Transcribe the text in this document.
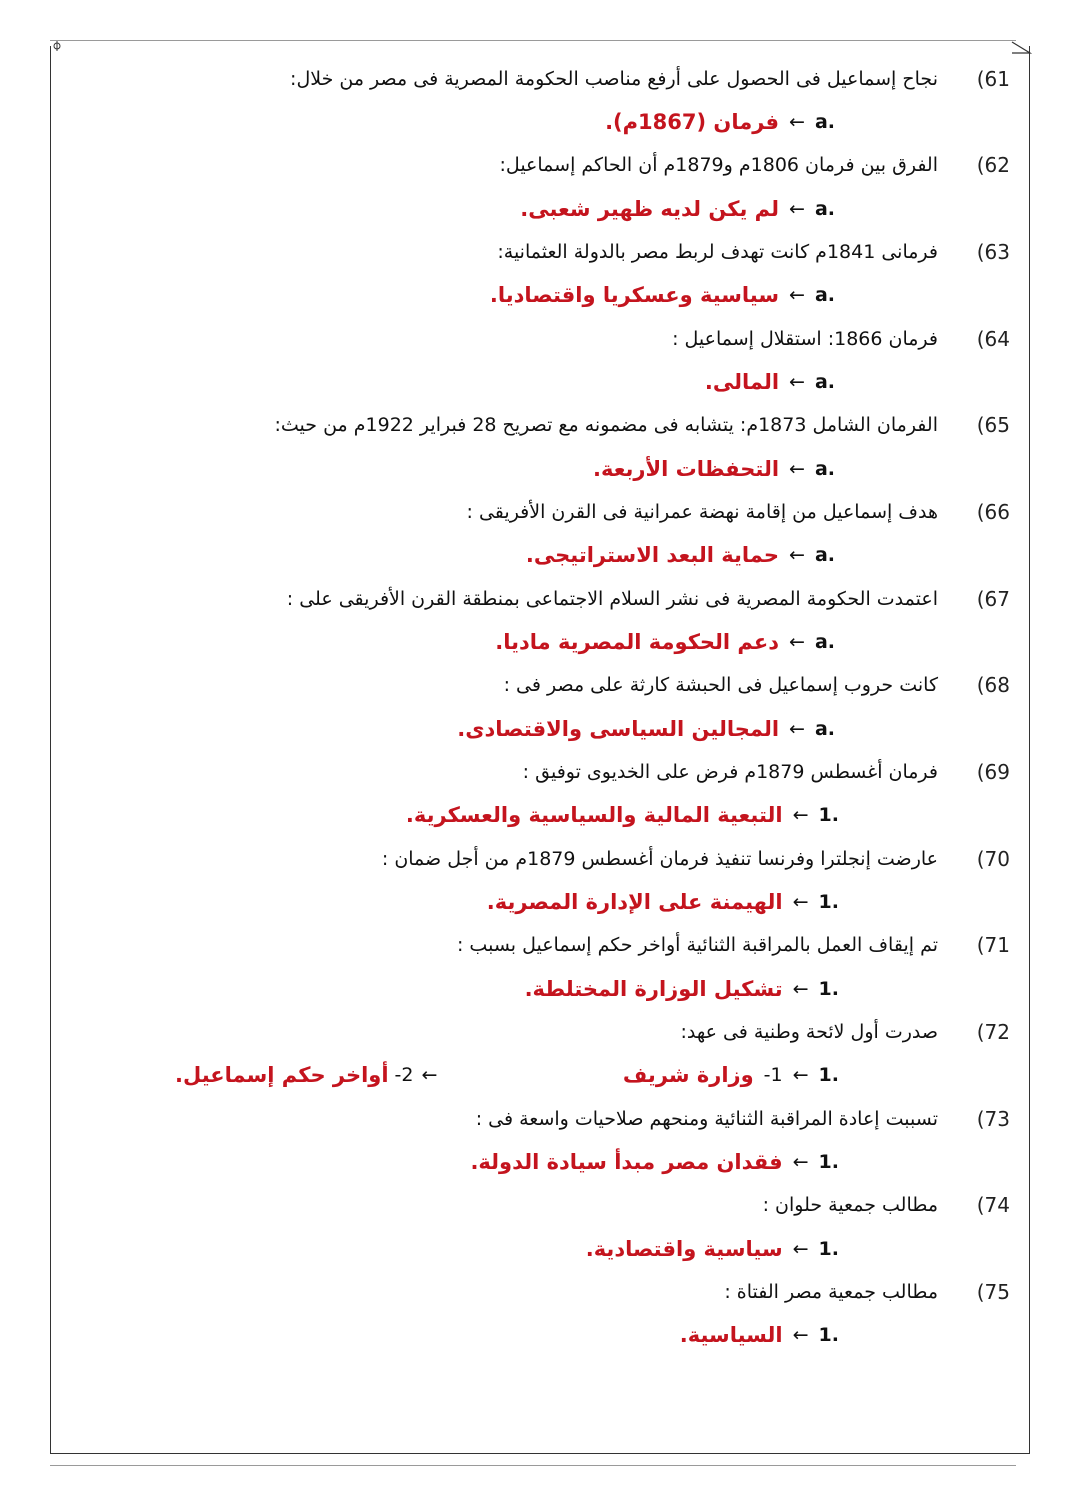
(61
نجاح إسماعيل فى الحصول على أرفع مناصب الحكومة المصرية فى مصر من خلال:
a.
←
فرمان (1867م).
(62
الفرق بين فرمان 1806م و1879م أن الحاكم إسماعيل:
a.
←
لم يكن لديه ظهير شعبى.
(63
فرمانى 1841م كانت تهدف لربط مصر بالدولة العثمانية:
a.
←
سياسية وعسكريا واقتصاديا.
(64
فرمان 1866: استقلال إسماعيل :
a.
←
المالى.
(65
الفرمان الشامل 1873م: يتشابه فى مضمونه مع تصريح 28 فبراير 1922م من حيث:
a.
←
التحفظات الأربعة.
(66
هدف إسماعيل من إقامة نهضة عمرانية فى القرن الأفريقى :
a.
←
حماية البعد الاستراتيجى.
(67
اعتمدت الحكومة المصرية فى نشر السلام الاجتماعى بمنطقة القرن الأفريقى على :
a.
←
دعم الحكومة المصرية ماديا.
(68
كانت حروب إسماعيل فى الحبشة كارثة على مصر فى :
a.
←
المجالين السياسى والاقتصادى.
(69
فرمان أغسطس 1879م فرض على الخديوى توفيق :
1.
←
التبعية المالية والسياسية والعسكرية.
(70
عارضت إنجلترا وفرنسا تنفيذ فرمان أغسطس 1879م من أجل ضمان :
1.
←
الهيمنة على الإدارة المصرية.
(71
تم إيقاف العمل بالمراقبة الثنائية أواخر حكم إسماعيل بسبب :
1.
←
تشكيل الوزارة المختلطة.
(72
صدرت أول لائحة وطنية فى عهد:
1.
←
1-
وزارة شريف
←
2-
أواخر حكم إسماعيل.
(73
تسببت إعادة المراقبة الثنائية ومنحهم صلاحيات واسعة فى :
1.
←
فقدان مصر مبدأ سيادة الدولة.
(74
مطالب جمعية حلوان :
1.
←
سياسية واقتصادية.
(75
مطالب جمعية مصر الفتاة :
1.
←
السياسية.
